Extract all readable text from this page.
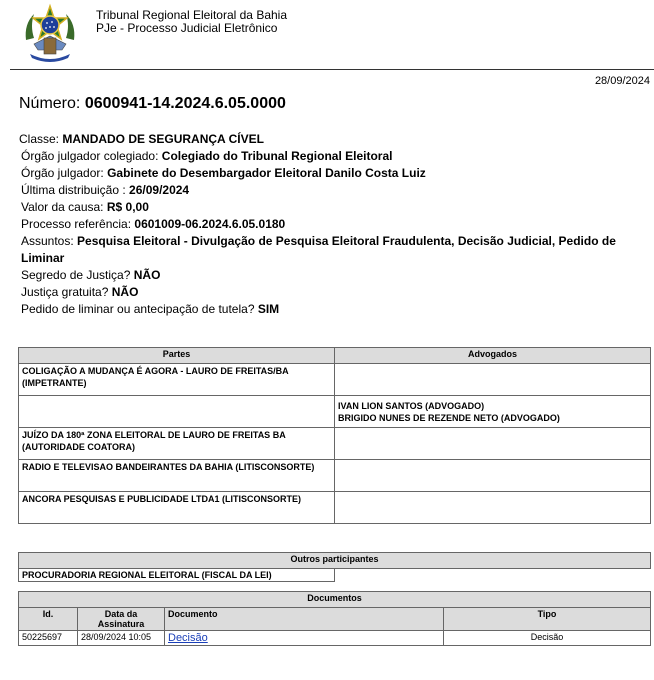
Tribunal Regional Eleitoral da Bahia
PJe - Processo Judicial Eletrônico
28/09/2024
Número: 0600941-14.2024.6.05.0000
Classe: MANDADO DE SEGURANÇA CÍVEL
Órgão julgador colegiado: Colegiado do Tribunal Regional Eleitoral
Órgão julgador: Gabinete do Desembargador Eleitoral Danilo Costa Luiz
Última distribuição : 26/09/2024
Valor da causa: R$ 0,00
Processo referência: 0601009-06.2024.6.05.0180
Assuntos: Pesquisa Eleitoral - Divulgação de Pesquisa Eleitoral Fraudulenta, Decisão Judicial, Pedido de Liminar
Segredo de Justiça? NÃO
Justiça gratuita? NÃO
Pedido de liminar ou antecipação de tutela? SIM
Partes	Advogados
COLIGAÇÃO A MUDANÇA É AGORA - LAURO DE FREITAS/BA (IMPETRANTE)	
	IVAN LION SANTOS (ADVOGADO)
BRIGIDO NUNES DE REZENDE NETO (ADVOGADO)
JUÍZO DA 180ª ZONA ELEITORAL DE LAURO DE FREITAS BA (AUTORIDADE COATORA)	
RADIO E TELEVISAO BANDEIRANTES DA BAHIA (LITISCONSORTE)	
ANCORA PESQUISAS E PUBLICIDADE LTDA1 (LITISCONSORTE)	
Outros participantes
PROCURADORIA REGIONAL ELEITORAL (FISCAL DA LEI)	
Documentos			
Id.	Data da Assinatura	Documento	Tipo
50225697	28/09/2024 10:05	Decisão	Decisão
